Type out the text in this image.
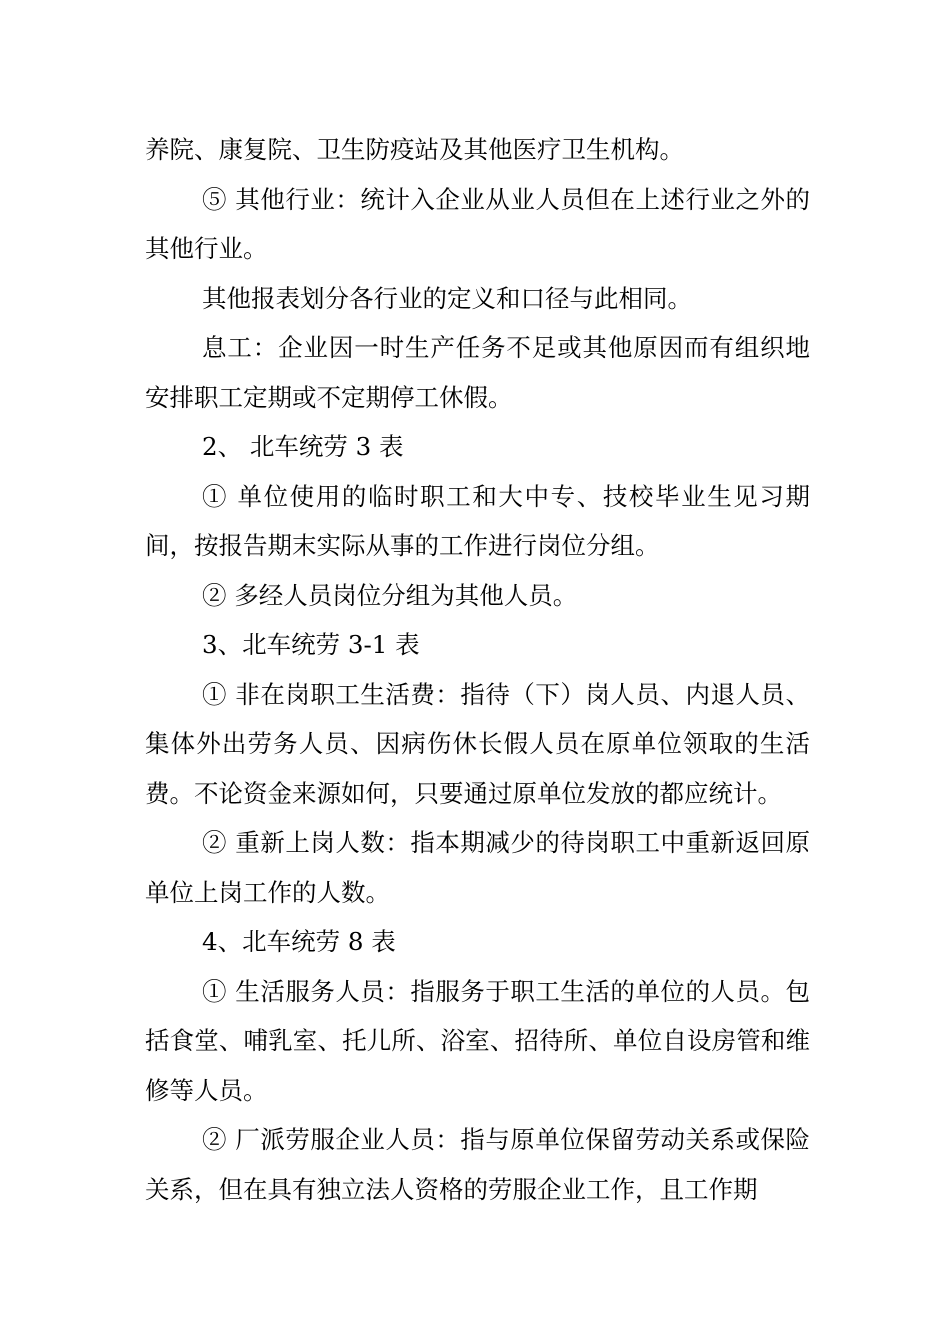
养院、康复院、卫生防疫站及其他医疗卫生机构。

⑤ 其他行业：统计入企业从业人员但在上述行业之外的其他行业。

其他报表划分各行业的定义和口径与此相同。

息工：企业因一时生产任务不足或其他原因而有组织地安排职工定期或不定期停工休假。

2、 北车统劳 3 表

① 单位使用的临时职工和大中专、技校毕业生见习期间，按报告期末实际从事的工作进行岗位分组。

② 多经人员岗位分组为其他人员。

3、北车统劳 3-1 表

① 非在岗职工生活费：指待（下）岗人员、内退人员、集体外出劳务人员、因病伤休长假人员在原单位领取的生活费。不论资金来源如何，只要通过原单位发放的都应统计。

② 重新上岗人数：指本期减少的待岗职工中重新返回原单位上岗工作的人数。

4、北车统劳 8 表

① 生活服务人员：指服务于职工生活的单位的人员。包括食堂、哺乳室、托儿所、浴室、招待所、单位自设房管和维修等人员。

② 厂派劳服企业人员：指与原单位保留劳动关系或保险关系，但在具有独立法人资格的劳服企业工作，且工作期
